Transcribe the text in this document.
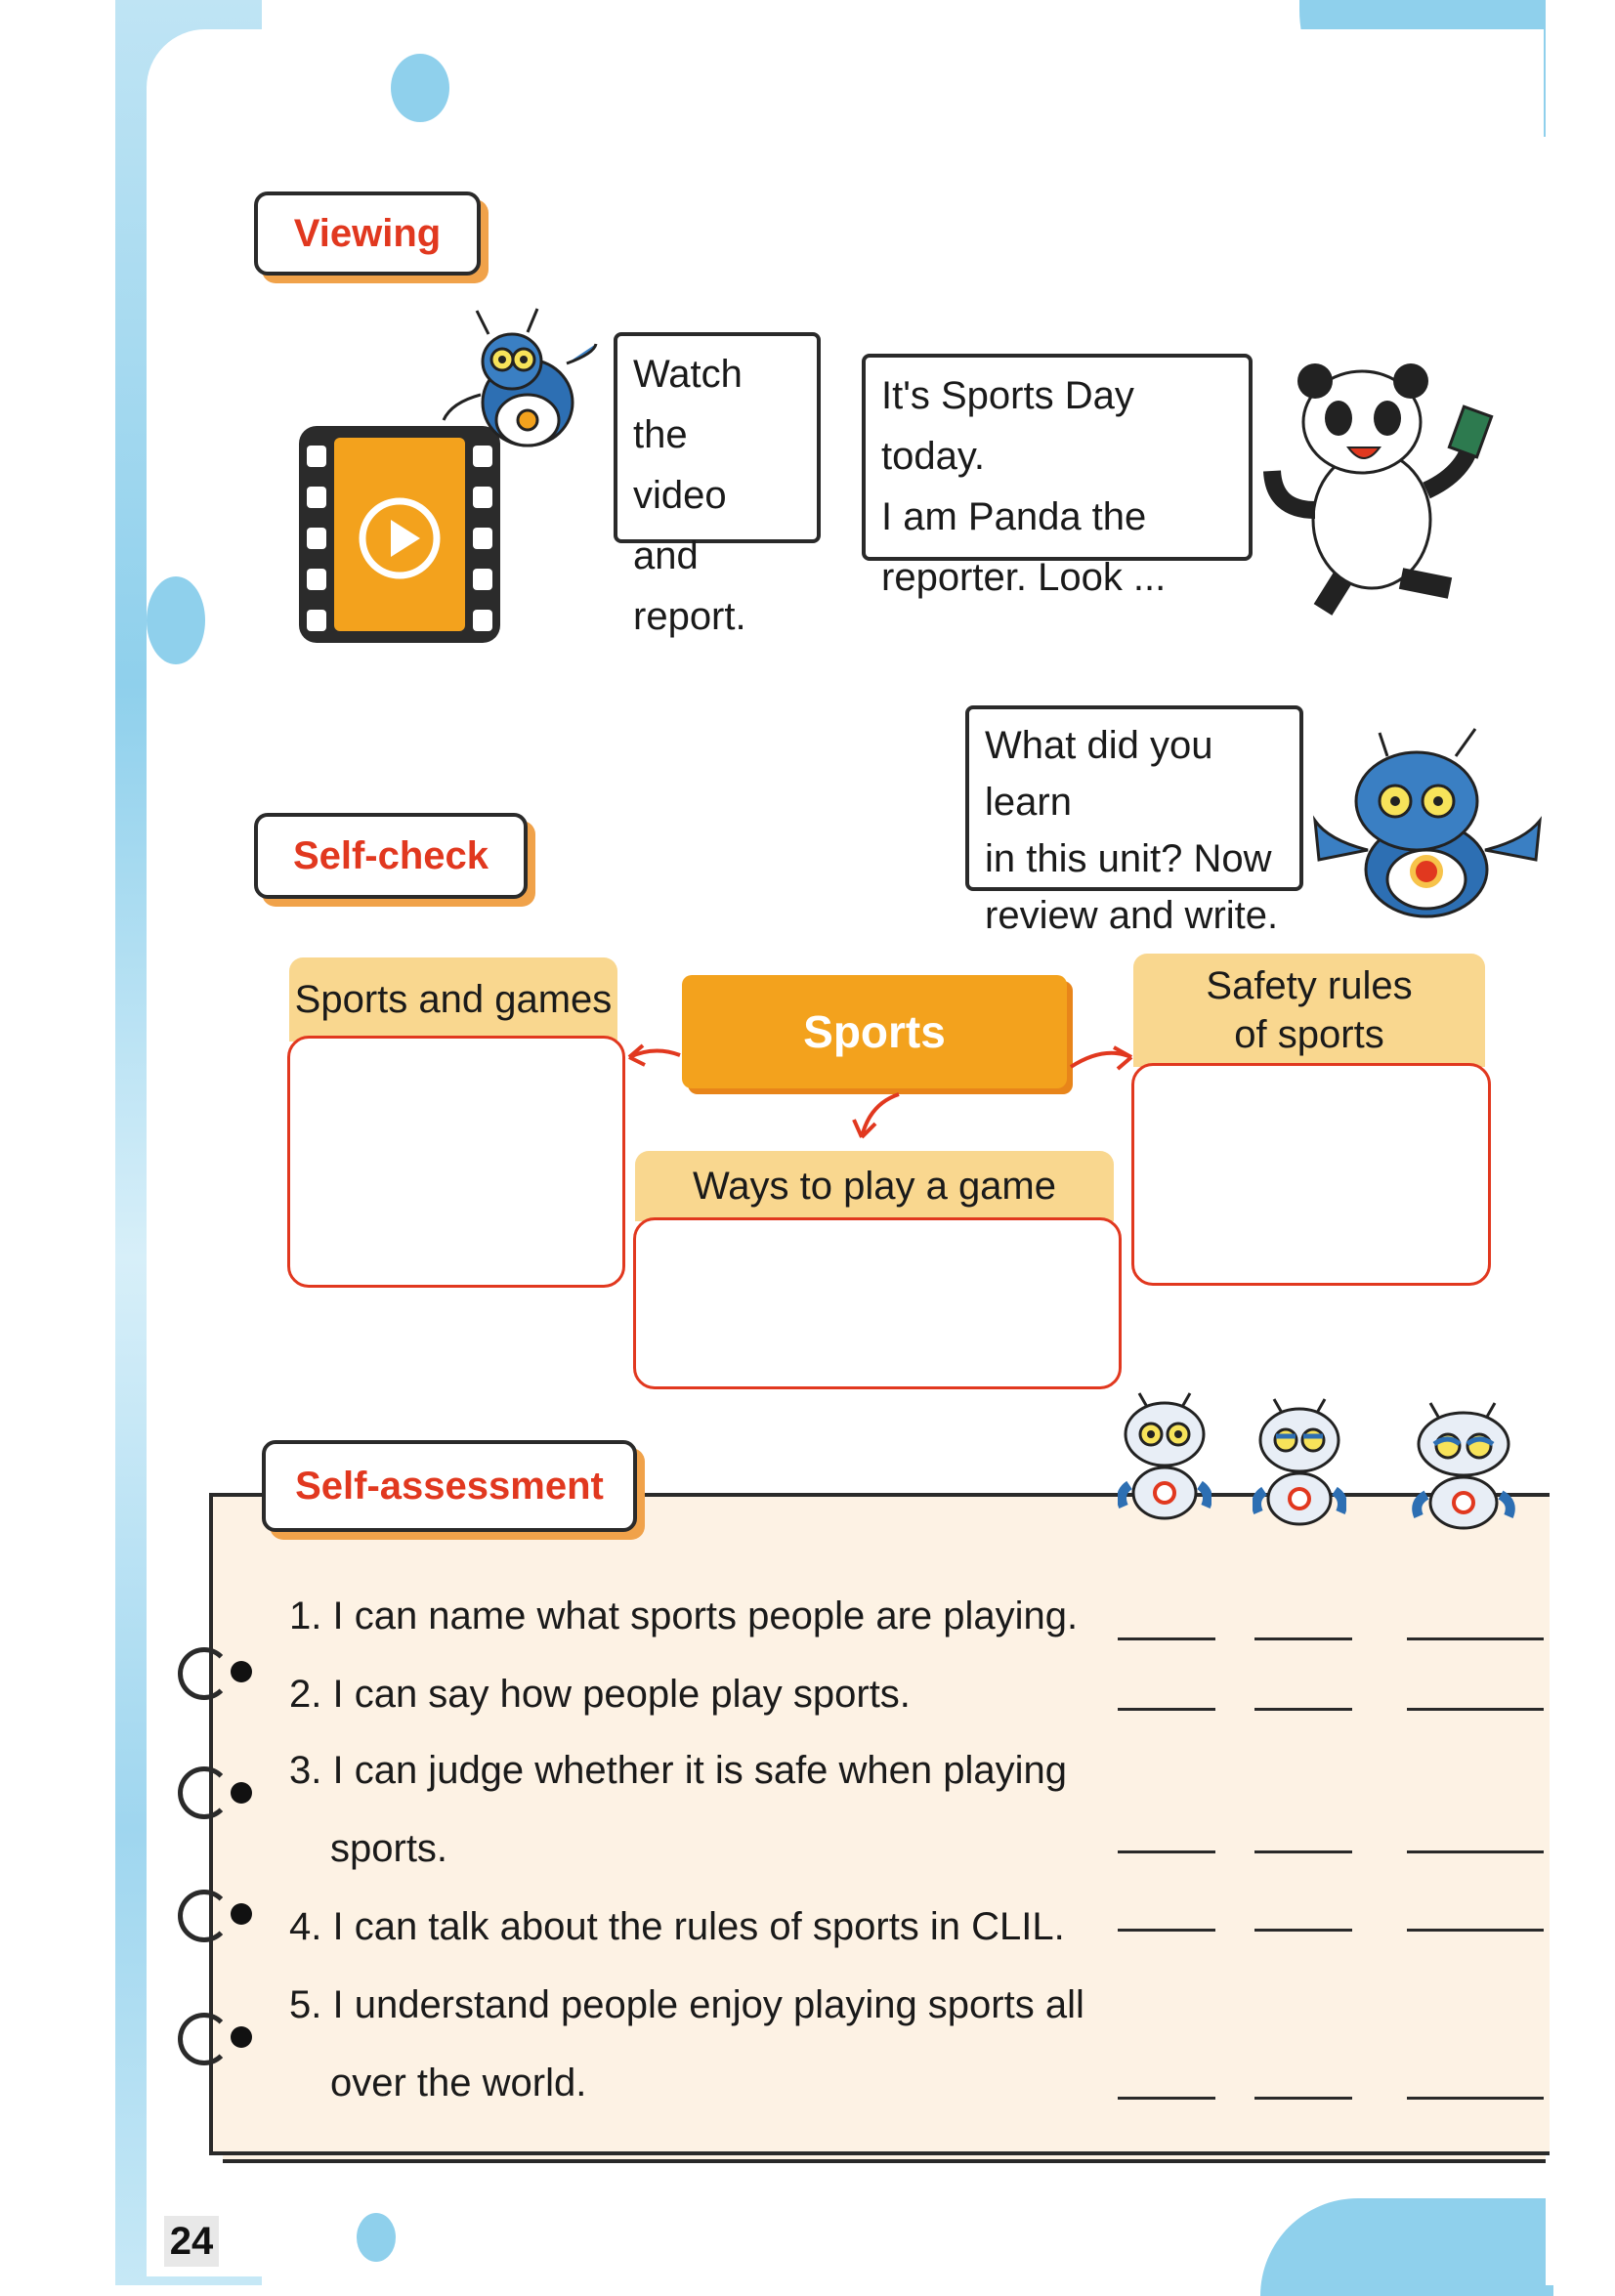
Viewing
Watch the
video and
report.
It's Sports Day today.
I am Panda the
reporter. Look ...
Self-check
What did you learn
in this unit? Now
review and write.
Sports and games
Sports
Safety rules
of sports
Ways to play a game
Self-assessment
1. I can name what sports people are playing.
2. I can say how people play sports.
3. I can judge whether it is safe when playing
sports.
4. I can talk about the rules of sports in CLIL.
5. I understand people enjoy playing sports all
over the world.
24
